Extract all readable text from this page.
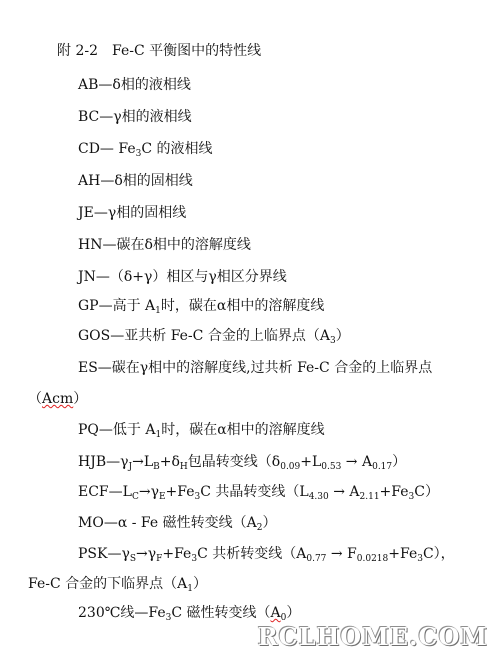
附 2-2　Fe-C 平衡图中的特性线
AB—δ相的液相线
BC—γ相的液相线
CD— $Fe_3C$ 的液相线
AH—δ相的固相线
JE—γ相的固相线
HN—碳在δ相中的溶解度线
JN—（δ+γ）相区与γ相区分界线
GP—高于 $A_1$时，碳在α相中的溶解度线
GOS—亚共析 Fe-C 合金的上临界点$(A_3)$
ES—碳在γ相中的溶解度线,过共析 Fe-C 合金的上临界点
（Acm）
PQ—低于 $A_1$时，碳在α相中的溶解度线
$HJB—\gamma_J\to L_B+\delta_H$包晶转变线$(\delta_{0.09}+L_{0.53} \to A_{0.17})$
$ECF—L_C\to\gamma_E+Fe_3C$ 共晶转变线$(L_{4.30} \to A_{2.11}+Fe_3C)$
MO—α - Fe 磁性转变线$(A_2)$
$PSK—\gamma_S\to\gamma_F+Fe_3C$ 共析转变线$(A_{0.77} \to F_{0.0218}+Fe_3C)$，
Fe-C 合金的下临界点$(A_1)$
230℃线$—Fe_3C$ 磁性转变线$(A_0)$
RCLHOME.COM
